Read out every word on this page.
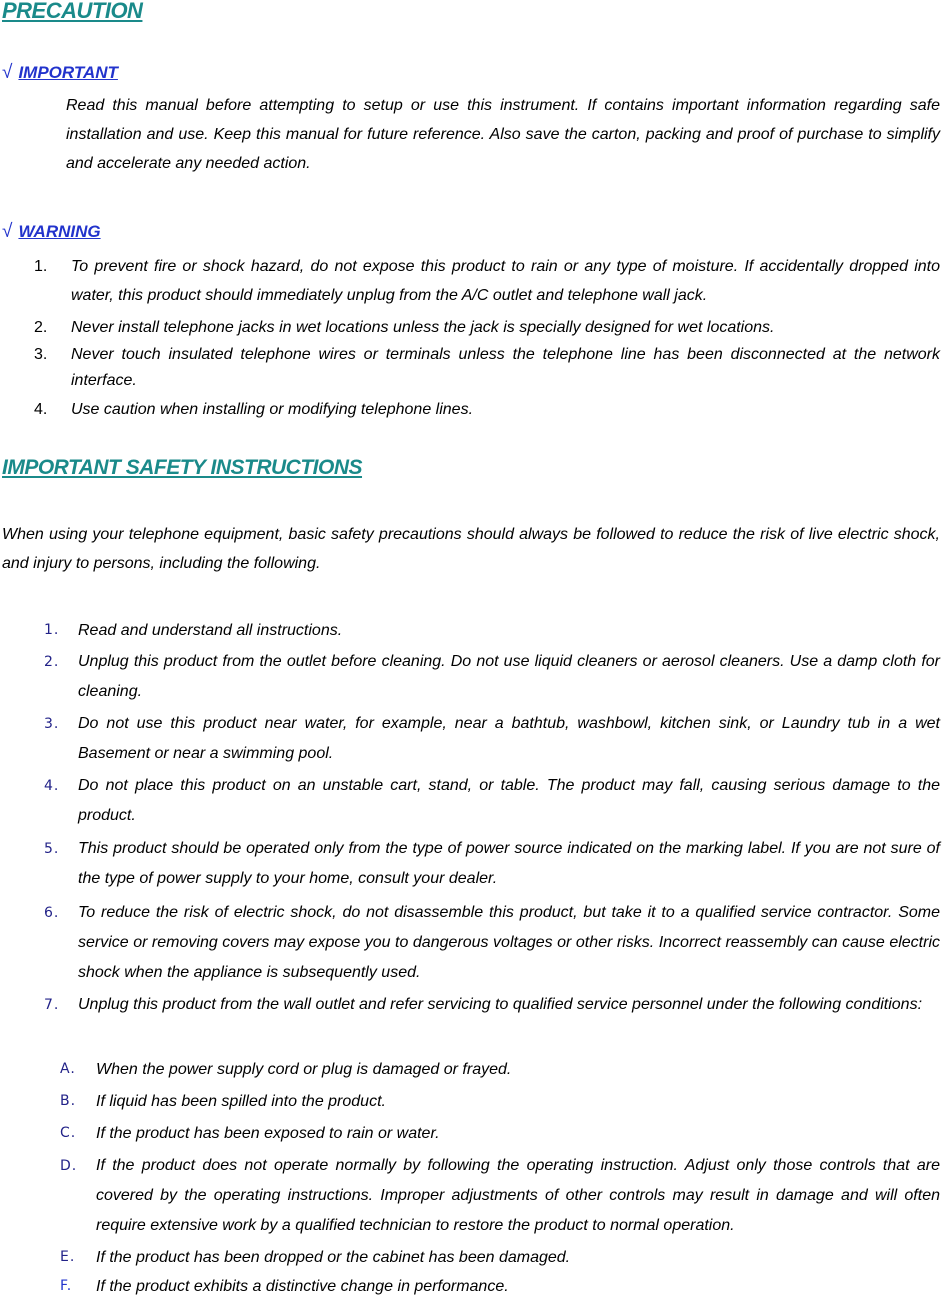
PRECAUTION
√ IMPORTANT

Read this manual before attempting to setup or use this instrument. If contains important information regarding safe installation and use. Keep this manual for future reference. Also save the carton, packing and proof of purchase to simplify and accelerate any needed action.

√ WARNING
1.	To prevent fire or shock hazard, do not expose this product to rain or any type of moisture. If accidentally dropped into water, this product should immediately unplug from the A/C outlet and telephone wall jack.
2.	Never install telephone jacks in wet locations unless the jack is specially designed for wet locations.
3.	Never touch insulated telephone wires or terminals unless the telephone line has been disconnected at the network interface.
4.	Use caution when installing or modifying telephone lines.
IMPORTANT SAFETY INSTRUCTIONS

When using your telephone equipment, basic safety precautions should always be followed to reduce the risk of live electric shock, and injury to persons, including the following.

1.	Read and understand all instructions.
2.	Unplug this product from the outlet before cleaning. Do not use liquid cleaners or aerosol cleaners. Use a damp cloth for cleaning.
3.	Do not use this product near water, for example, near a bathtub, washbowl, kitchen sink, or Laundry tub in a wet Basement or near a swimming pool.
4.	Do not place this product on an unstable cart, stand, or table. The product may fall, causing serious damage to the product.
5.	This product should be operated only from the type of power source indicated on the marking label. If you are not sure of the type of power supply to your home, consult your dealer.
6.	To reduce the risk of electric shock, do not disassemble this product, but take it to a qualified service contractor. Some service or removing covers may expose you to dangerous voltages or other risks. Incorrect reassembly can cause electric shock when the appliance is subsequently used.
7.	Unplug this product from the wall outlet and refer servicing to qualified service personnel under the following conditions:
A.	When the power supply cord or plug is damaged or frayed.
B.	If liquid has been spilled into the product.
C.	If the product has been exposed to rain or water.
D.	If the product does not operate normally by following the operating instruction. Adjust only those controls that are covered by the operating instructions. Improper adjustments of other controls may result in damage and will often require extensive work by a qualified technician to restore the product to normal operation.
E.	If the product has been dropped or the cabinet has been damaged.
F.	If the product exhibits a distinctive change in performance.
